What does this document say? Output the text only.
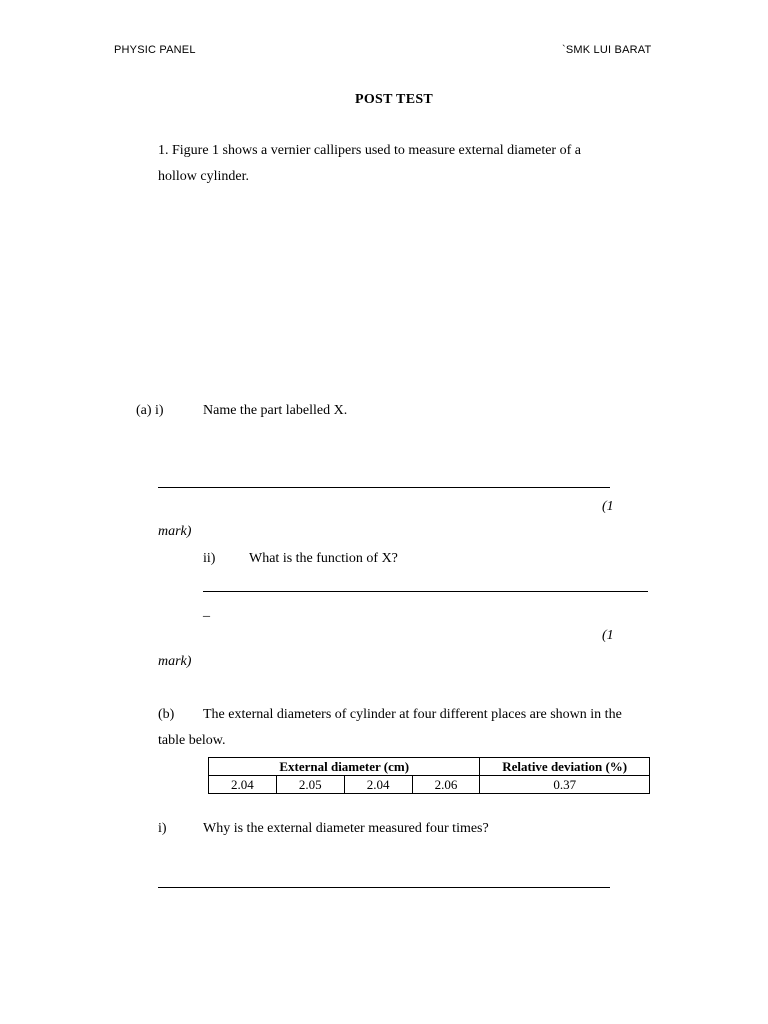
PHYSIC PANEL	`SMK LUI BARAT
POST TEST
1. Figure 1 shows a vernier callipers used to measure external diameter of a
hollow cylinder.
(a) i)	Name the part labelled X.
(1
mark)
ii) What is the function of X?
_
(1
mark)
(b) The external diameters of cylinder at four different places are shown in the
table below.
External diameter (cm)				Relative deviation (%)
2.04	2.05	2.04	2.06	0.37
i)	Why is the external diameter measured four times?
